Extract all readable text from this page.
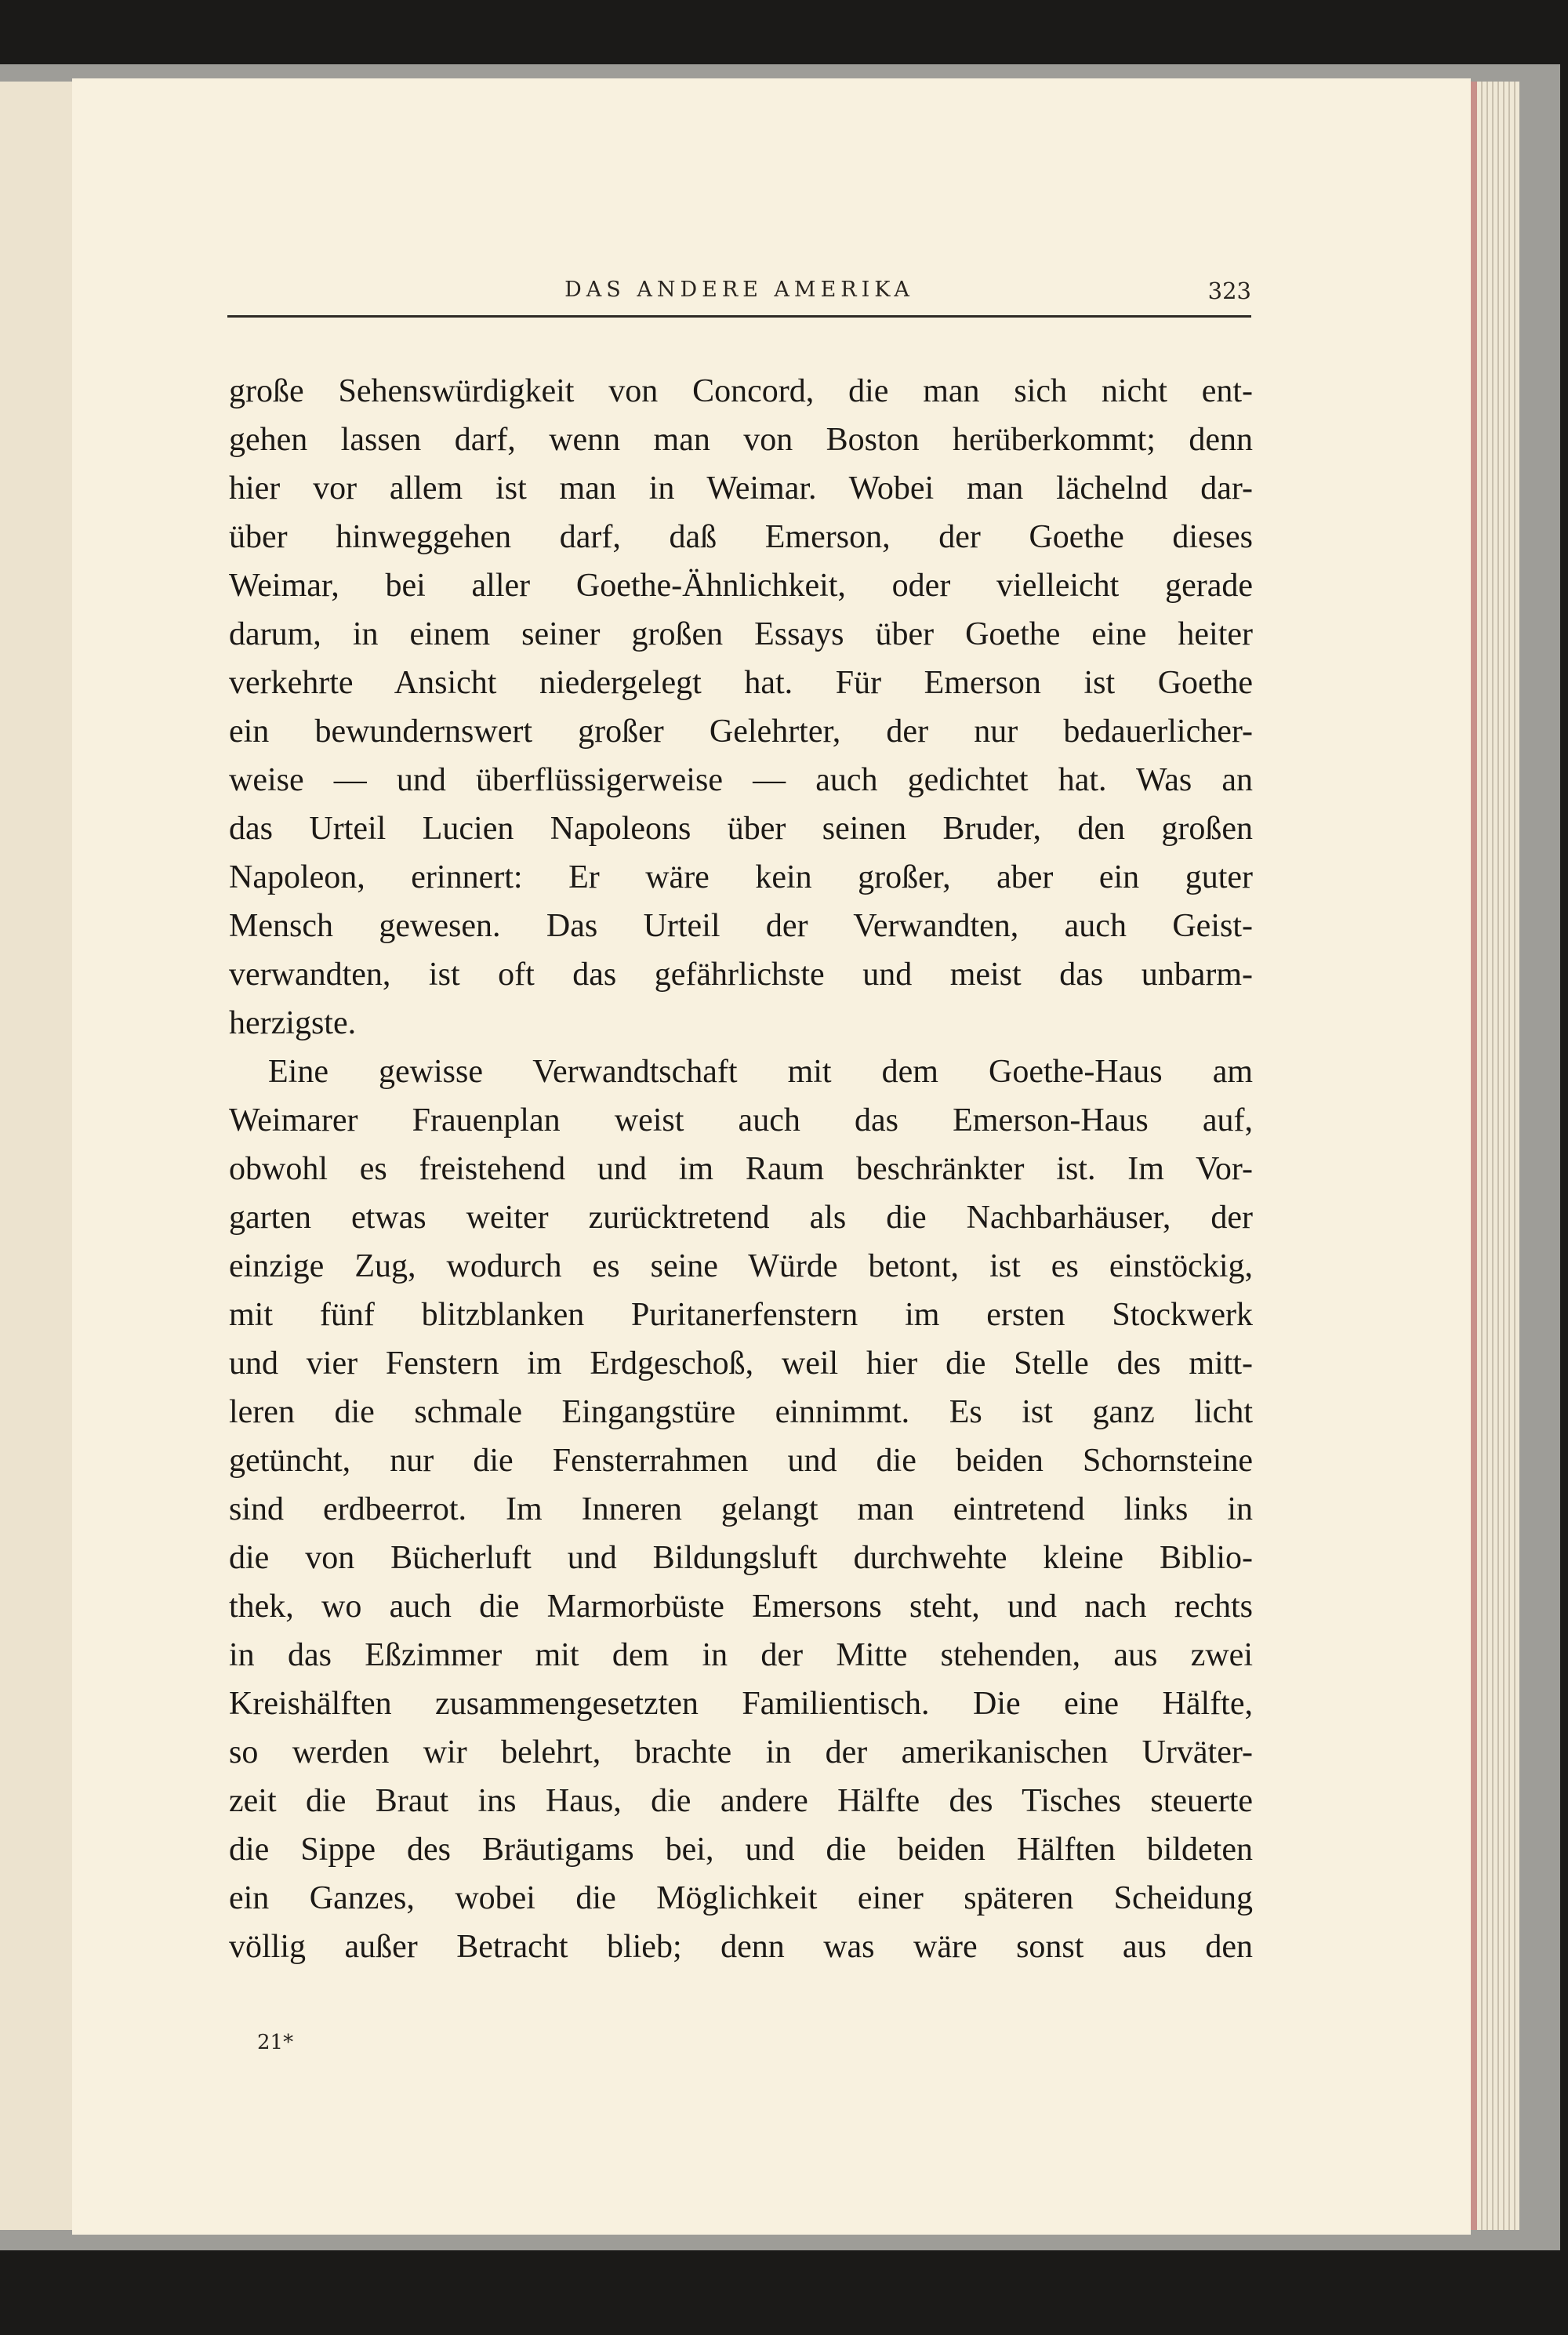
DAS ANDERE AMERIKA	323
große Sehenswürdigkeit von Concord, die man sich nicht ent-
gehen lassen darf, wenn man von Boston herüberkommt; denn
hier vor allem ist man in Weimar. Wobei man lächelnd dar-
über hinweggehen darf, daß Emerson, der Goethe dieses
Weimar, bei aller Goethe-Ähnlichkeit, oder vielleicht gerade
darum, in einem seiner großen Essays über Goethe eine heiter
verkehrte Ansicht niedergelegt hat. Für Emerson ist Goethe
ein bewundernswert großer Gelehrter, der nur bedauerlicher-
weise — und überflüssigerweise — auch gedichtet hat. Was an
das Urteil Lucien Napoleons über seinen Bruder, den großen
Napoleon, erinnert: Er wäre kein großer, aber ein guter
Mensch gewesen. Das Urteil der Verwandten, auch Geist-
verwandten, ist oft das gefährlichste und meist das unbarm-
herzigste.
Eine gewisse Verwandtschaft mit dem Goethe-Haus am
Weimarer Frauenplan weist auch das Emerson-Haus auf,
obwohl es freistehend und im Raum beschränkter ist. Im Vor-
garten etwas weiter zurücktretend als die Nachbarhäuser, der
einzige Zug, wodurch es seine Würde betont, ist es einstöckig,
mit fünf blitzblanken Puritanerfenstern im ersten Stockwerk
und vier Fenstern im Erdgeschoß, weil hier die Stelle des mitt-
leren die schmale Eingangstüre einnimmt. Es ist ganz licht
getüncht, nur die Fensterrahmen und die beiden Schornsteine
sind erdbeerrot. Im Inneren gelangt man eintretend links in
die von Bücherluft und Bildungsluft durchwehte kleine Biblio-
thek, wo auch die Marmorbüste Emersons steht, und nach rechts
in das Eßzimmer mit dem in der Mitte stehenden, aus zwei
Kreishälften zusammengesetzten Familientisch. Die eine Hälfte,
so werden wir belehrt, brachte in der amerikanischen Urväter-
zeit die Braut ins Haus, die andere Hälfte des Tisches steuerte
die Sippe des Bräutigams bei, und die beiden Hälften bildeten
ein Ganzes, wobei die Möglichkeit einer späteren Scheidung
völlig außer Betracht blieb; denn was wäre sonst aus den
21*
